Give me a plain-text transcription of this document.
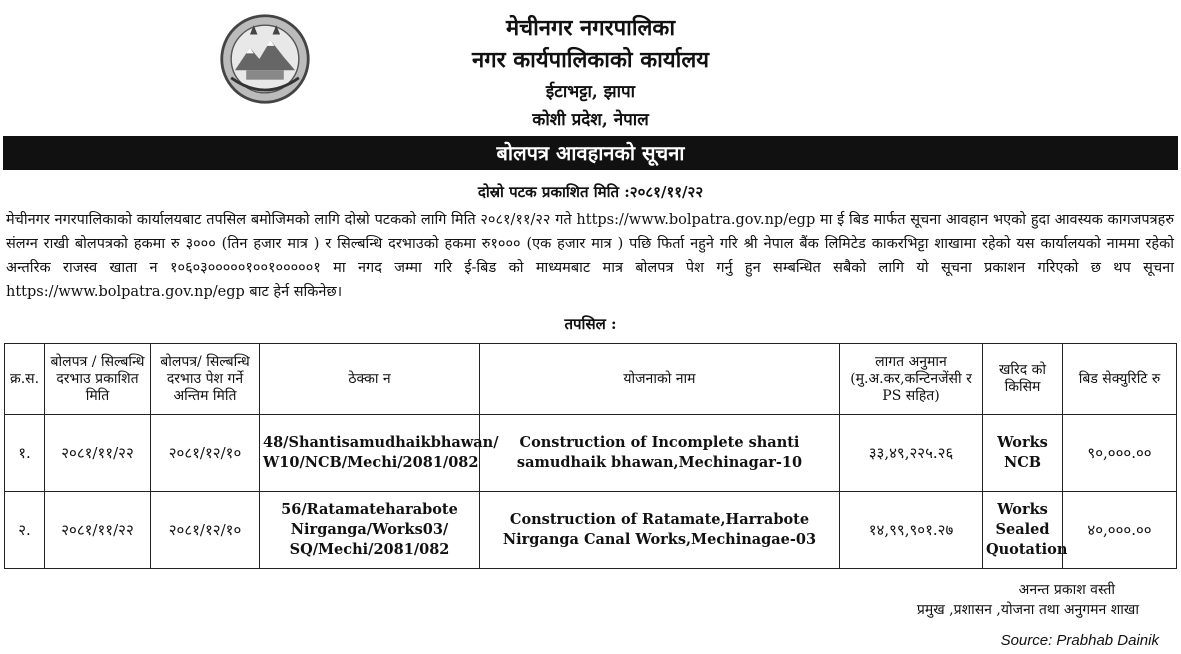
मेचीनगर नगरपालिका
नगर कार्यपालिकाको कार्यालय
ईटाभट्टा, झापा
कोशी प्रदेश, नेपाल
बोलपत्र आवहानको सूचना
दोस्रो पटक प्रकाशित मिति :२०८१/११/२२
मेचीनगर नगरपालिकाको कार्यालयबाट तपसिल बमोजिमको लागि दोस्रो पटकको लागि मिति २०८१/११/२२ गते https://www.bolpatra.gov.np/egp मा ई बिड मार्फत सूचना आवहान भएको हुदा आवस्यक कागजपत्रहरु संलग्न राखी बोलपत्रको हकमा रु ३००० (तिन हजार मात्र ) र सिल्बन्धि दरभाउको हकमा रु१००० (एक हजार मात्र ) पछि फिर्ता नहुने गरि श्री नेपाल बैंक लिमिटेड काकरभिट्टा शाखामा रहेको यस कार्यालयको नाममा रहेको अन्तरिक राजस्व खाता न १०६०३०००००१००१०००००१ मा नगद जम्मा गरि ई-बिड को माध्यमबाट मात्र बोलपत्र पेश गर्नु हुन सम्बन्धित सबैको लागि यो सूचना प्रकाशन गरिएको छ थप सूचना https://www.bolpatra.gov.np/egp बाट हेर्न सकिनेछ।
तपसिल :
क्र.स.	बोलपत्र / सिल्बन्धि दरभाउ प्रकाशित मिति	बोलपत्र/ सिल्बन्धि दरभाउ पेश गर्ने अन्तिम मिति	ठेक्का न	योजनाको नाम	लागत अनुमान (मु.अ.कर,कन्टिनजेंसी र PS सहित)	खरिद को किसिम	बिड सेक्युरिटि रु
१.	२०८१/११/२२	२०८१/१२/१०	48/Shantisamudhaikbhawan/ W10/NCB/Mechi/2081/082	Construction of Incomplete shanti samudhaik bhawan,Mechinagar-10	३३,४९,२२५.२६	Works NCB	९०,०००.००
२.	२०८१/११/२२	२०८१/१२/१०	56/Ratamateharabote Nirganga/Works03/ SQ/Mechi/2081/082	Construction of Ratamate,Harrabote Nirganga Canal Works,Mechinagae-03	१४,९९,९०१.२७	Works Sealed Quotation	४०,०००.००
अनन्त प्रकाश वस्ती
प्रमुख ,प्रशासन ,योजना तथा अनुगमन शाखा
Source: Prabhab Dainik
